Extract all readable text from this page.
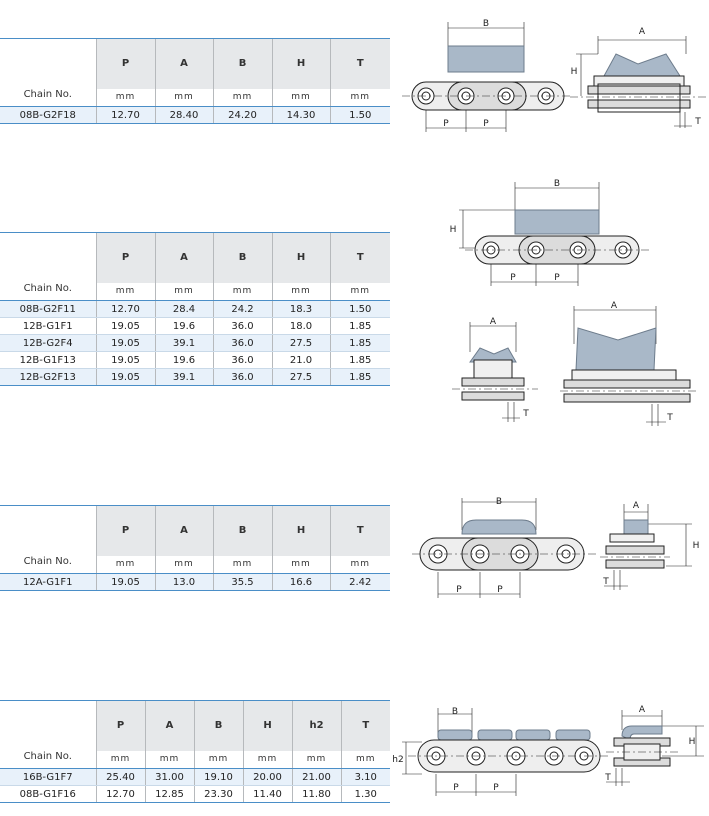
Chain No.	P	A	B	H	T
	mm	mm	mm	mm	mm
08B-G2F18	12.70	28.40	24.20	14.30	1.50
Chain No.	P	A	B	H	T
	mm	mm	mm	mm	mm
08B-G2F11	12.70	28.4	24.2	18.3	1.50
12B-G1F1	19.05	19.6	36.0	18.0	1.85
12B-G2F4	19.05	39.1	36.0	27.5	1.85
12B-G1F13	19.05	19.6	36.0	21.0	1.85
12B-G2F13	19.05	39.1	36.0	27.5	1.85
Chain No.	P	A	B	H	T
	mm	mm	mm	mm	mm
12A-G1F1	19.05	13.0	35.5	16.6	2.42
Chain No.	P	A	B	H	h2	T
	mm	mm	mm	mm	mm	mm
16B-G1F7	25.40	31.00	19.10	20.00	21.00	3.10
08B-G1F16	12.70	12.85	23.30	11.40	11.80	1.30
B
P	P
H
A
T
B
H
P	P
A
T
A
T
B
P	P
A
H
T
B
h2
P	P
A
H
T
